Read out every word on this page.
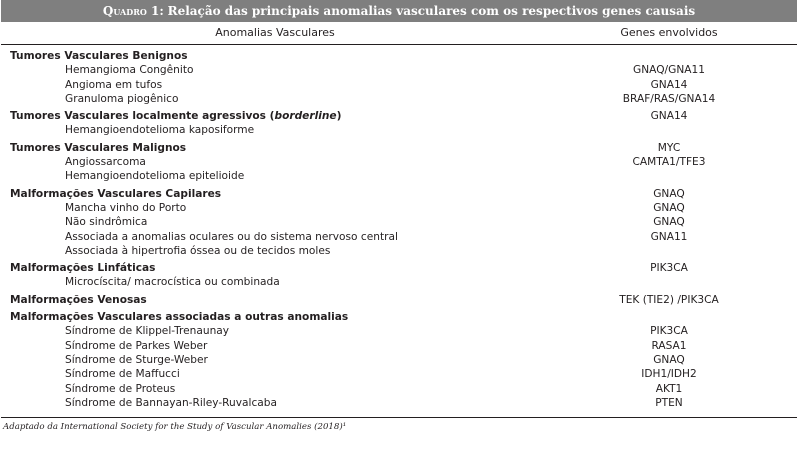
Quadro 1: Relação das principais anomalias vasculares com os respectivos genes causais
Anomalias Vasculares	Genes envolvidos
Tumores Vasculares Benignos
Hemangioma Congênito	GNAQ/GNA11
Angioma em tufos	GNA14
Granuloma piogênico	BRAF/RAS/GNA14
Tumores Vasculares localmente agressivos (borderline)	GNA14
Hemangioendotelioma kaposiforme
Tumores Vasculares Malignos	MYC
Angiossarcoma	CAMTA1/TFE3
Hemangioendotelioma epitelioide
Malformações Vasculares Capilares	GNAQ
Mancha vinho do Porto	GNAQ
Não sindrômica	GNAQ
Associada a anomalias oculares ou do sistema nervoso central	GNA11
Associada à hipertrofia óssea ou de tecidos moles
Malformações Linfáticas	PIK3CA
Microcíscita/ macrocística ou combinada
Malformações Venosas	TEK (TIE2) /PIK3CA
Malformações Vasculares associadas a outras anomalias
Síndrome de Klippel-Trenaunay	PIK3CA
Síndrome de Parkes Weber	RASA1
Síndrome de Sturge-Weber	GNAQ
Síndrome de Maffucci	IDH1/IDH2
Síndrome de Proteus	AKT1
Síndrome de Bannayan-Riley-Ruvalcaba	PTEN
Adaptado da International Society for the Study of Vascular Anomalies (2018)¹
